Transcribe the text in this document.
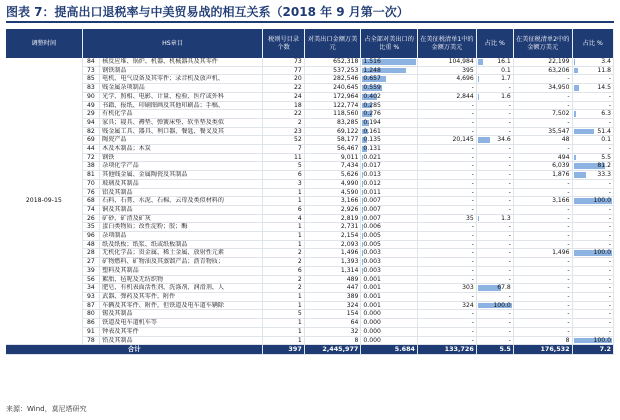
图表 7：提高出口退税率与中美贸易战的相互关系（2018 年 9 月第一次）
调整时间	HS章目		税则号目录个数	对美出口金额万美元	占全部对美出口的比重 %	在美征税清单1中的金额万美元	占比 %	在美征税清单2中的金额万美元	占比 %
2018-09-15	84	核反应堆、锅炉、机器、机械器具及其零件	73	652,318	1.516	104,984	16.1	22,199	3.4
	73	钢铁制品	77	537,253	1.248	395	0.1	63,206	11.8
	85	电机、电气设备及其零件；录音机及放声机、	20	282,546	0.657	4,696	1.7	-	-
	83	贱金属杂项制品	22	240,645	0.559	-	-	34,950	14.5
	90	光学、照相、电影、计量、检验、医疗或外科	24	172,964	0.402	2,844	1.6	-	-
	49	书籍、报纸、印刷图画及其他印刷品；手稿、	18	122,774	0.285	-	-	-	-
	29	有机化学品	22	118,560	0.276	-	-	7,502	6.3
	94	家具；寝具、褥垫、弹簧床垫、软坐垫及类似	2	83,285	0.194	-	-	-	-
	82	贱金属工具、器具、利口器、餐匙、餐叉及其	23	69,122	0.161	-	-	35,547	51.4
	69	陶瓷产品	52	58,177	0.135	20,145	34.6	48	0.1
	44	木及木制品；木炭	7	56,467	0.131	-	-	-	-
	72	钢铁	11	9,011	0.021	-	-	494	5.5
	38	杂项化学产品	5	7,434	0.017	-	-	6,039	81.2
	81	其他贱金属、金属陶瓷及其制品	6	5,626	0.013	-	-	1,876	33.3
	70	玻璃及其制品	3	4,990	0.012	-	-	-	-
	76	铝及其制品	1	4,590	0.011	-	-	-	-
	68	石料、石膏、水泥、石棉、云母及类似材料的	1	3,166	0.007	-	-	3,166	100.0
	74	铜及其制品	6	2,926	0.007	-	-	-	-
	26	矿砂、矿渣及矿灰	4	2,819	0.007	35	1.3	-	-
	35	蛋白类物质；改性淀粉；胶；酶	1	2,731	0.006	-	-	-	-
	96	杂项制品	1	2,154	0.005	-	-	-	-
	48	纸及纸板；纸浆、纸或纸板制品	1	2,093	0.005	-	-	-	-
	28	无机化学品；贵金属、稀土金属、放射性元素	2	1,496	0.003	-	-	1,496	100.0
	27	矿物燃料、矿物油及其蒸馏产品；沥青物质；	2	1,393	0.003	-	-	-	-
	39	塑料及其制品	6	1,314	0.003	-	-	-	-
	56	絮胎、毡呢及无纺织物	2	489	0.001	-	-	-	-
	34	肥皂、有机表面活性剂、洗涤剂、润滑剂、人	2	447	0.001	303	67.8	-	-
	93	武器、弹药及其零件、附件	1	389	0.001	-	-	-	-
	87	车辆及其零件、附件，但铁道及电车道车辆除	1	324	0.001	324	100.0	-	-
	80	锡及其制品	5	154	0.000	-	-	-	-
	86	铁道及电车道机车等	1	64	0.000	-	-	-	-
	91	钟表及其零件	1	32	0.000	-	-	-	-
	78	铅及其制品	1	8	0.000	-	-	8	100.0
合计			397	2,445,977	5.684	133,726	5.5	176,532	7.2
来源：Wind，莫尼塔研究
